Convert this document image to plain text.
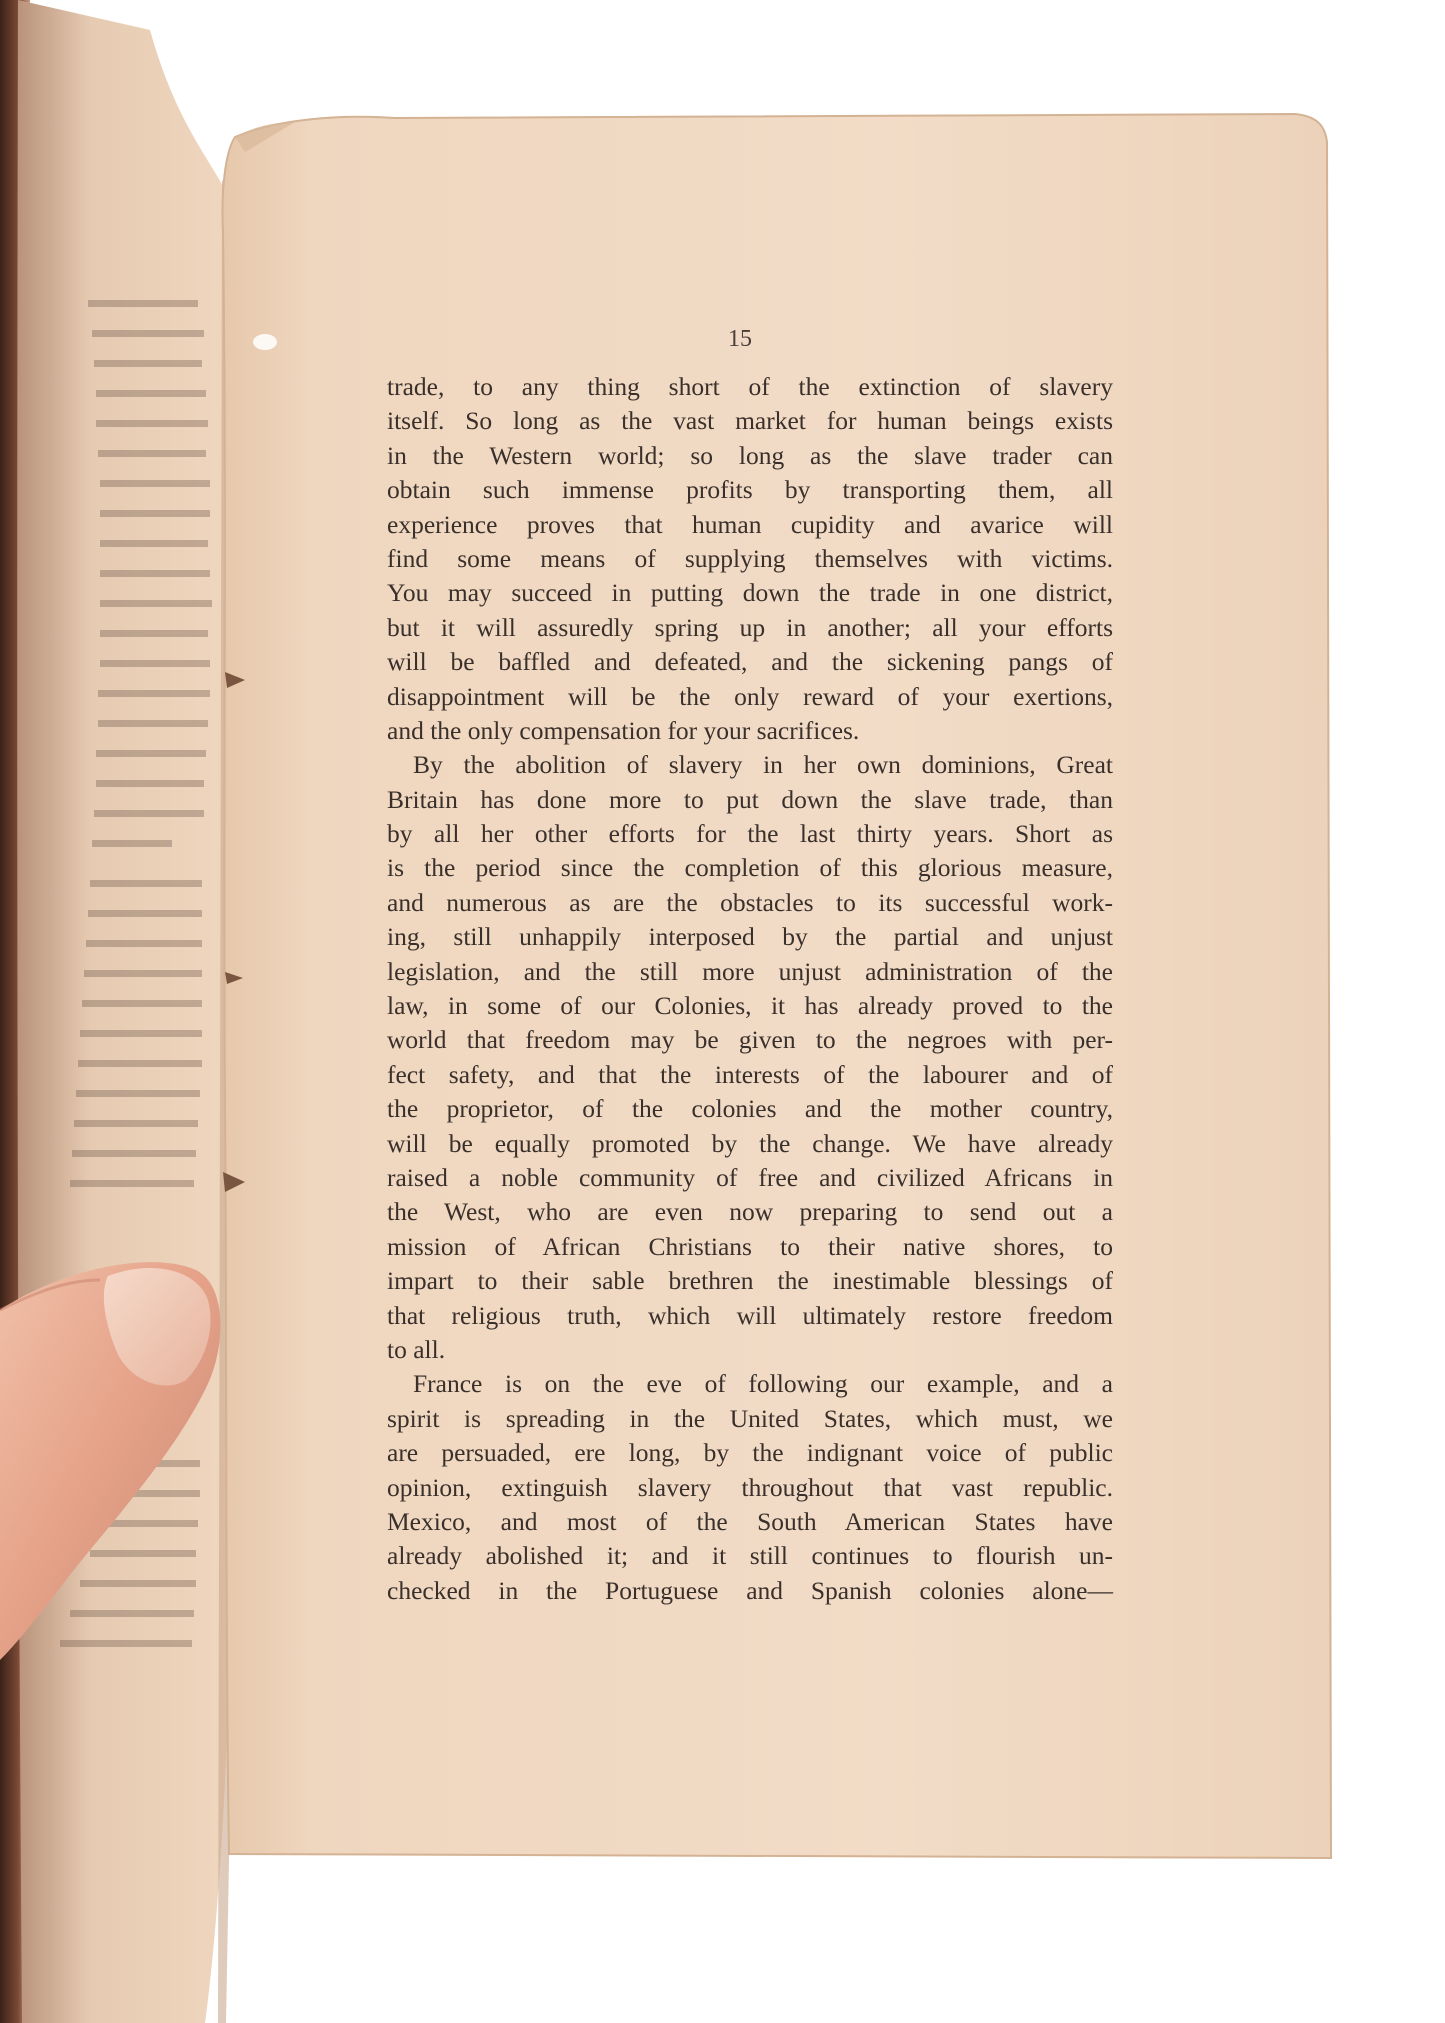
15
trade, to any thing short of the extinction of slavery
itself. So long as the vast market for human beings exists
in the Western world; so long as the slave trader can
obtain such immense profits by transporting them, all
experience proves that human cupidity and avarice will
find some means of supplying themselves with victims.
You may succeed in putting down the trade in one district,
but it will assuredly spring up in another; all your efforts
will be baffled and defeated, and the sickening pangs of
disappointment will be the only reward of your exertions,
and the only compensation for your sacrifices.
By the abolition of slavery in her own dominions, Great
Britain has done more to put down the slave trade, than
by all her other efforts for the last thirty years. Short as
is the period since the completion of this glorious measure,
and numerous as are the obstacles to its successful work-
ing, still unhappily interposed by the partial and unjust
legislation, and the still more unjust administration of the
law, in some of our Colonies, it has already proved to the
world that freedom may be given to the negroes with per-
fect safety, and that the interests of the labourer and of
the proprietor, of the colonies and the mother country,
will be equally promoted by the change. We have already
raised a noble community of free and civilized Africans in
the West, who are even now preparing to send out a
mission of African Christians to their native shores, to
impart to their sable brethren the inestimable blessings of
that religious truth, which will ultimately restore freedom
to all.
France is on the eve of following our example, and a
spirit is spreading in the United States, which must, we
are persuaded, ere long, by the indignant voice of public
opinion, extinguish slavery throughout that vast republic.
Mexico, and most of the South American States have
already abolished it; and it still continues to flourish un-
checked in the Portuguese and Spanish colonies alone—
